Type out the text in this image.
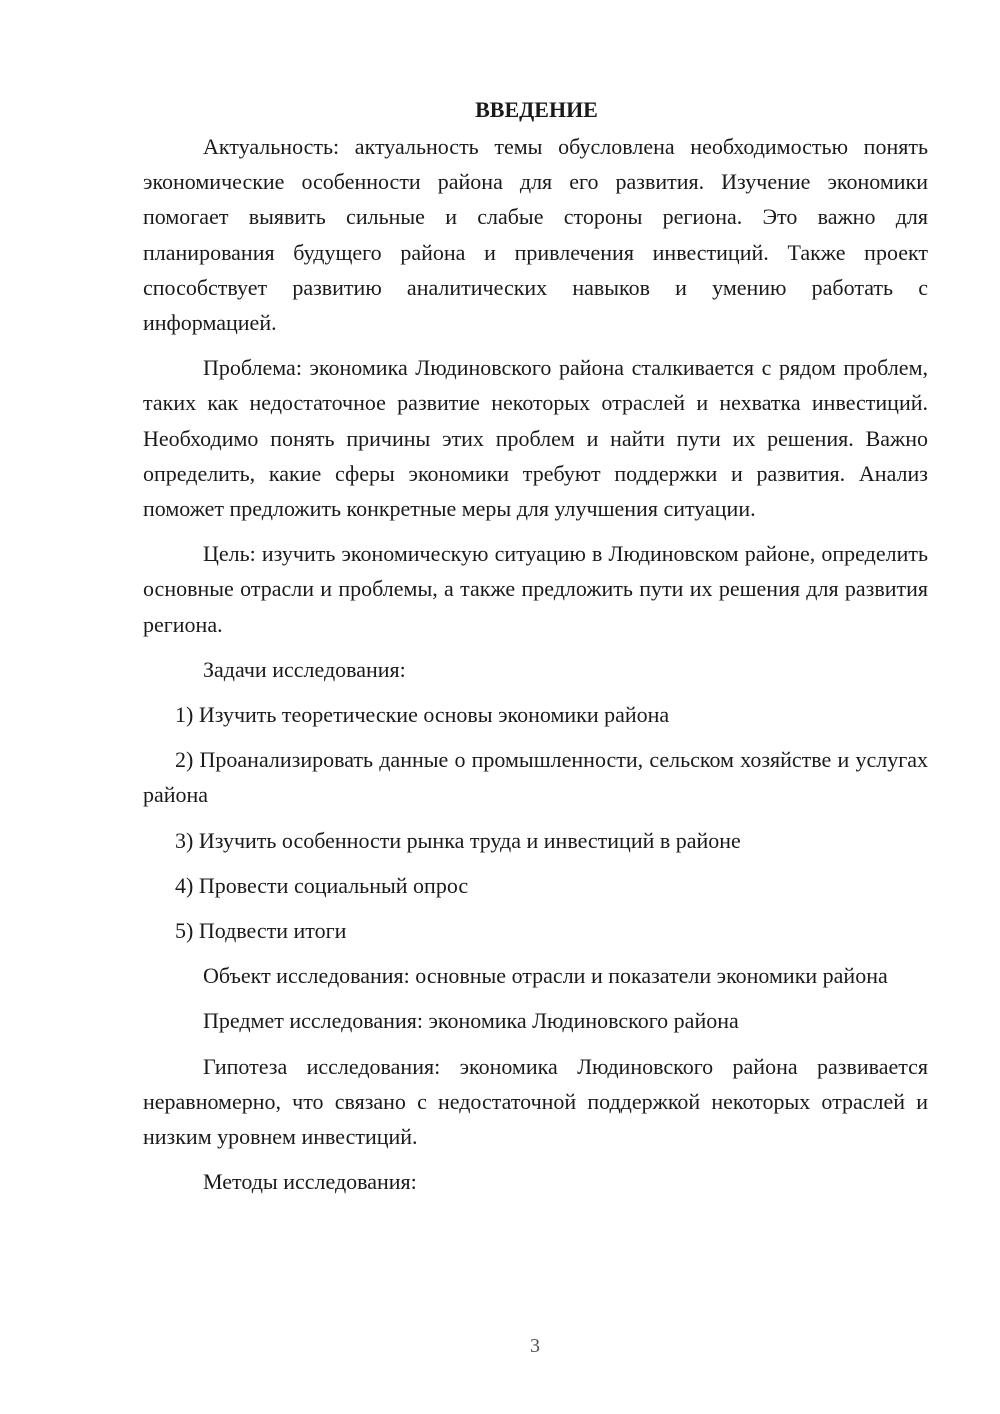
ВВЕДЕНИЕ

Актуальность: актуальность темы обусловлена необходимостью понять экономические особенности района для его развития. Изучение экономики помогает выявить сильные и слабые стороны региона. Это важно для планирования будущего района и привлечения инвестиций. Также проект способствует развитию аналитических навыков и умению работать с информацией.

Проблема: экономика Людиновского района сталкивается с рядом проблем, таких как недостаточное развитие некоторых отраслей и нехватка инвестиций. Необходимо понять причины этих проблем и найти пути их решения. Важно определить, какие сферы экономики требуют поддержки и развития. Анализ поможет предложить конкретные меры для улучшения ситуации.

Цель: изучить экономическую ситуацию в Людиновском районе, определить основные отрасли и проблемы, а также предложить пути их решения для развития региона.

Задачи исследования:

1) Изучить теоретические основы экономики района

2) Проанализировать данные о промышленности, сельском хозяйстве и услугах района

3) Изучить особенности рынка труда и инвестиций в районе

4) Провести социальный опрос

5) Подвести итоги

Объект исследования: основные отрасли и показатели экономики района

Предмет исследования: экономика Людиновского района

Гипотеза исследования: экономика Людиновского района развивается неравномерно, что связано с недостаточной поддержкой некоторых отраслей и низким уровнем инвестиций.

Методы исследования:

3
